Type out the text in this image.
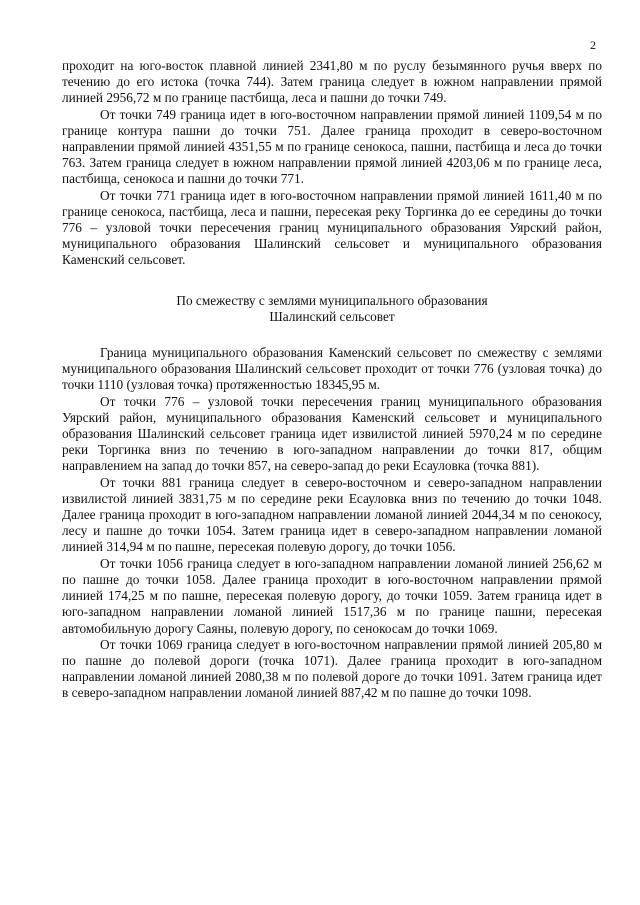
2

проходит на юго-восток плавной линией 2341,80 м по руслу безымянного ручья вверх по течению до его истока (точка 744). Затем граница следует в южном направлении прямой линией 2956,72 м по границе пастбища, леса и пашни до точки 749.

От точки 749 граница идет в юго-восточном направлении прямой линией 1109,54 м по границе контура пашни до точки 751. Далее граница проходит в северо-восточном направлении прямой линией 4351,55 м по границе сенокоса, пашни, пастбища и леса до точки 763. Затем граница следует в южном направлении прямой линией 4203,06 м по границе леса, пастбища, сенокоса и пашни до точки 771.

От точки 771 граница идет в юго-восточном направлении прямой линией 1611,40 м по границе сенокоса, пастбища, леса и пашни, пересекая реку Торгинка до ее середины до точки 776 – узловой точки пересечения границ муниципального образования Уярский район, муниципального образования Шалинский сельсовет и муниципального образования Каменский сельсовет.

По смежеству с землями муниципального образования
Шалинский сельсовет

Граница муниципального образования Каменский сельсовет по смежеству с землями муниципального образования Шалинский сельсовет проходит от точки 776 (узловая точка) до точки 1110 (узловая точка) протяженностью 18345,95 м.

От точки 776 – узловой точки пересечения границ муниципального образования Уярский район, муниципального образования Каменский сельсовет и муниципального образования Шалинский сельсовет граница идет извилистой линией 5970,24 м по середине реки Торгинка вниз по течению в юго-западном направлении до точки 817, общим направлением на запад до точки 857, на северо-запад до реки Есауловка (точка 881).

От точки 881 граница следует в северо-восточном и северо-западном направлении извилистой линией 3831,75 м по середине реки Есауловка вниз по течению до точки 1048. Далее граница проходит в юго-западном направлении ломаной линией 2044,34 м по сенокосу, лесу и пашне до точки 1054. Затем граница идет в северо-западном направлении ломаной линией 314,94 м по пашне, пересекая полевую дорогу, до точки 1056.

От точки 1056 граница следует в юго-западном направлении ломаной линией 256,62 м по пашне до точки 1058. Далее граница проходит в юго-восточном направлении прямой линией 174,25 м по пашне, пересекая полевую дорогу, до точки 1059. Затем граница идет в юго-западном направлении ломаной линией 1517,36 м по границе пашни, пересекая автомобильную дорогу Саяны, полевую дорогу, по сенокосам до точки 1069.

От точки 1069 граница следует в юго-восточном направлении прямой линией 205,80 м по пашне до полевой дороги (точка 1071). Далее граница проходит в юго-западном направлении ломаной линией 2080,38 м по полевой дороге до точки 1091. Затем граница идет в северо-западном направлении ломаной линией 887,42 м по пашне до точки 1098.
